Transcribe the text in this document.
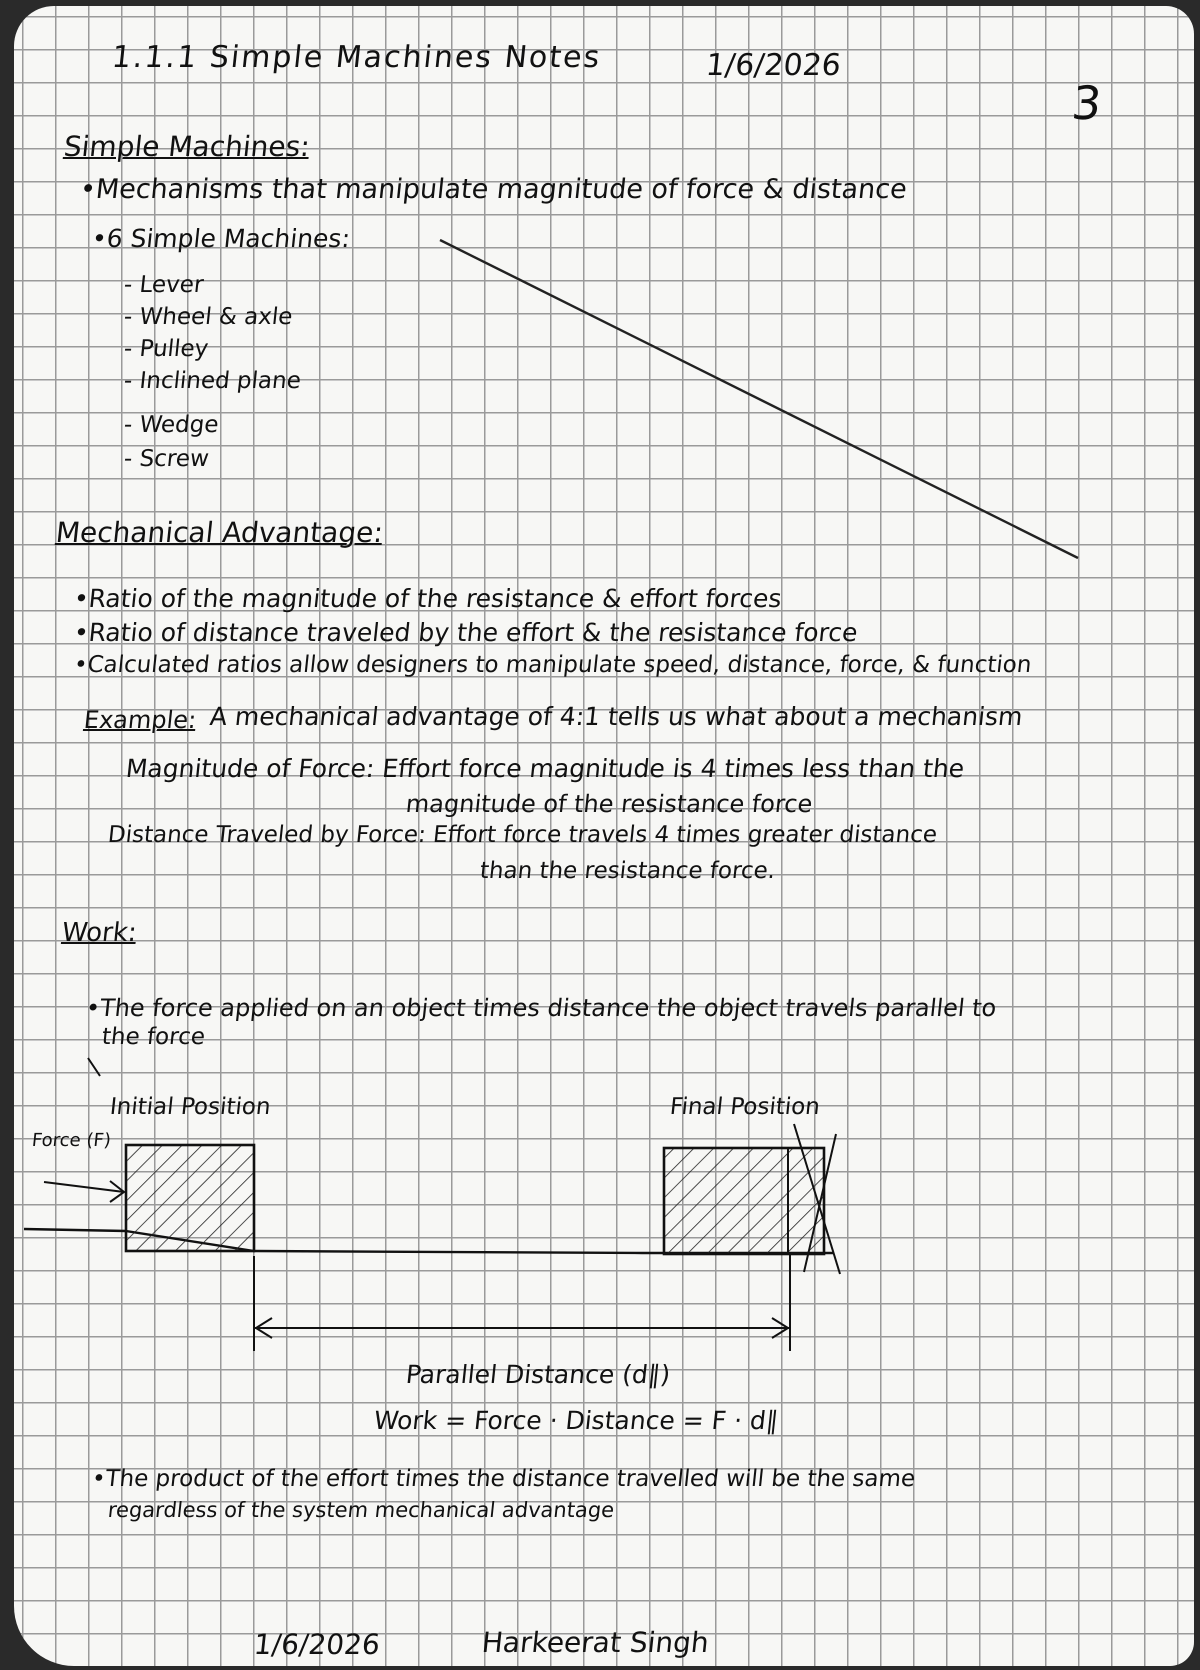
1.1.1 Simple Machines Notes	1/6/2026
3
Simple Machines:
•Mechanisms that manipulate magnitude of force & distance
•6 Simple Machines:
- Lever
- Wheel & axle
- Pulley
- Inclined plane
- Wedge
- Screw
Mechanical Advantage:
•Ratio of the magnitude of the resistance & effort forces
•Ratio of distance traveled by the effort & the resistance force
•Calculated ratios allow designers to manipulate speed, distance, force, & function
Example: A mechanical advantage of 4:1 tells us what about a mechanism
Magnitude of Force: Effort force magnitude is 4 times less than the
magnitude of the resistance force
Distance Traveled by Force: Effort force travels 4 times greater distance
than the resistance force.
Work:
•The force applied on an object times distance the object travels parallel to
the force
Initial Position	Final Position
Force (F)
Parallel Distance (d∥)
Work = Force · Distance = F · d∥
•The product of the effort times the distance travelled will be the same
regardless of the system mechanical advantage
1/6/2026	Harkeerat Singh
